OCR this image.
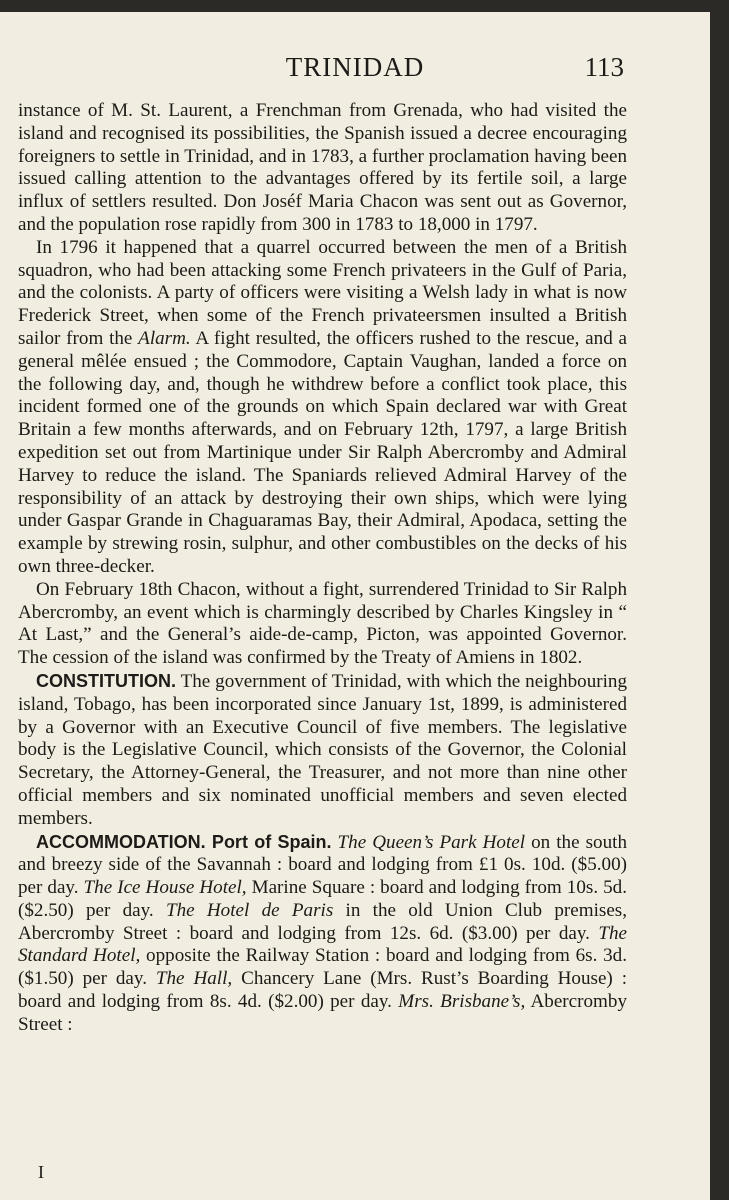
TRINIDAD	113

instance of M. St. Laurent, a Frenchman from Grenada, who had visited the island and recognised its possibilities, the Spanish issued a decree encouraging foreigners to settle in Trinidad, and in 1783, a further proclamation having been issued calling attention to the advantages offered by its fertile soil, a large influx of settlers resulted. Don Joséf Maria Chacon was sent out as Governor, and the population rose rapidly from 300 in 1783 to 18,000 in 1797.

In 1796 it happened that a quarrel occurred between the men of a British squadron, who had been attacking some French privateers in the Gulf of Paria, and the colonists. A party of officers were visiting a Welsh lady in what is now Frederick Street, when some of the French privateersmen insulted a British sailor from the Alarm. A fight resulted, the officers rushed to the rescue, and a general mêlée ensued ; the Commodore, Captain Vaughan, landed a force on the following day, and, though he withdrew before a conflict took place, this incident formed one of the grounds on which Spain declared war with Great Britain a few months afterwards, and on February 12th, 1797, a large British expedition set out from Martinique under Sir Ralph Abercromby and Admiral Harvey to reduce the island. The Spaniards relieved Admiral Harvey of the responsibility of an attack by destroying their own ships, which were lying under Gaspar Grande in Chaguaramas Bay, their Admiral, Apodaca, setting the example by strewing rosin, sulphur, and other combustibles on the decks of his own three-decker.

On February 18th Chacon, without a fight, surrendered Trinidad to Sir Ralph Abercromby, an event which is charmingly described by Charles Kingsley in “ At Last,” and the General’s aide-de-camp, Picton, was appointed Governor. The cession of the island was confirmed by the Treaty of Amiens in 1802.

CONSTITUTION. The government of Trinidad, with which the neighbouring island, Tobago, has been incorporated since January 1st, 1899, is administered by a Governor with an Executive Council of five members. The legislative body is the Legislative Council, which consists of the Governor, the Colonial Secretary, the Attorney-General, the Treasurer, and not more than nine other official members and six nominated unofficial members and seven elected members.

ACCOMMODATION. Port of Spain. The Queen’s Park Hotel on the south and breezy side of the Savannah : board and lodging from £1 0s. 10d. ($5.00) per day. The Ice House Hotel, Marine Square : board and lodging from 10s. 5d. ($2.50) per day. The Hotel de Paris in the old Union Club premises, Abercromby Street : board and lodging from 12s. 6d. ($3.00) per day. The Standard Hotel, opposite the Railway Station : board and lodging from 6s. 3d. ($1.50) per day. The Hall, Chancery Lane (Mrs. Rust’s Boarding House) : board and lodging from 8s. 4d. ($2.00) per day. Mrs. Brisbane’s, Abercromby Street :

I
